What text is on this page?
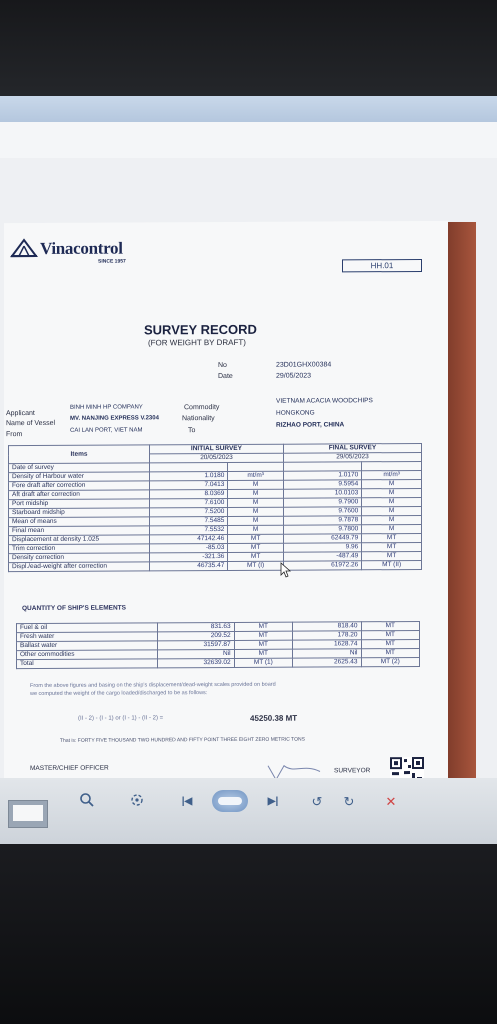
Vinacontrol
SINCE 1957	HH.01
SURVEY RECORD
(FOR WEIGHT BY DRAFT)
No	23D01GHX00384
Date	29/05/2023
Applicant
BINH MINH HP COMPANY
Name of Vessel
MV. NANJING EXPRESS V.2304
From
CAI LAN PORT, VIET NAM
Commodity
VIETNAM ACACIA WOODCHIPS
Nationality
HONGKONG
To
RIZHAO PORT, CHINA
Items	INITIAL SURVEY		FINAL SURVEY	
	20/05/2023		29/05/2023	
Date of survey				
Density of Harbour water	1.0180	mt/m³	1.0170	mt/m³
Fore draft after correction	7.0413	M	9.5954	M
Aft draft after correction	8.0369	M	10.0103	M
Port midship	7.6100	M	9.7900	M
Starboard midship	7.5200	M	9.7600	M
Mean of means	7.5485	M	9.7878	M
Final mean	7.5532	M	9.7800	M
Displacement at density 1.025	47142.46	MT	62449.79	MT
Trim correction	-85.03	MT	9.96	MT
Density correction	-321.36	MT	-487.49	MT
Displ./ead-weight after correction	46735.47	MT (I)	61972.26	MT (II)
QUANTITY OF SHIP'S ELEMENTS
Fuel & oil	831.63	MT	818.40	MT
Fresh water	209.52	MT	178.20	MT
Ballast water	31597.87	MT	1628.74	MT
Other commodities	Nil	MT	Nil	MT
Total	32639.02	MT (1)	2625.43	MT (2)
From the above figures and basing on the ship's displacement/dead-weight scales provided on board
we computed the weight of the cargo loaded/discharged to be as follows:
(II - 2) - (I - 1) or (I - 1) - (II - 2) =	45250.38 MT
That is: FORTY FIVE THOUSAND TWO HUNDRED AND FIFTY POINT THREE EIGHT ZERO METRIC TONS
MASTER/CHIEF OFFICER	SURVEYOR
|◀	▶|	↺	↻	✕
